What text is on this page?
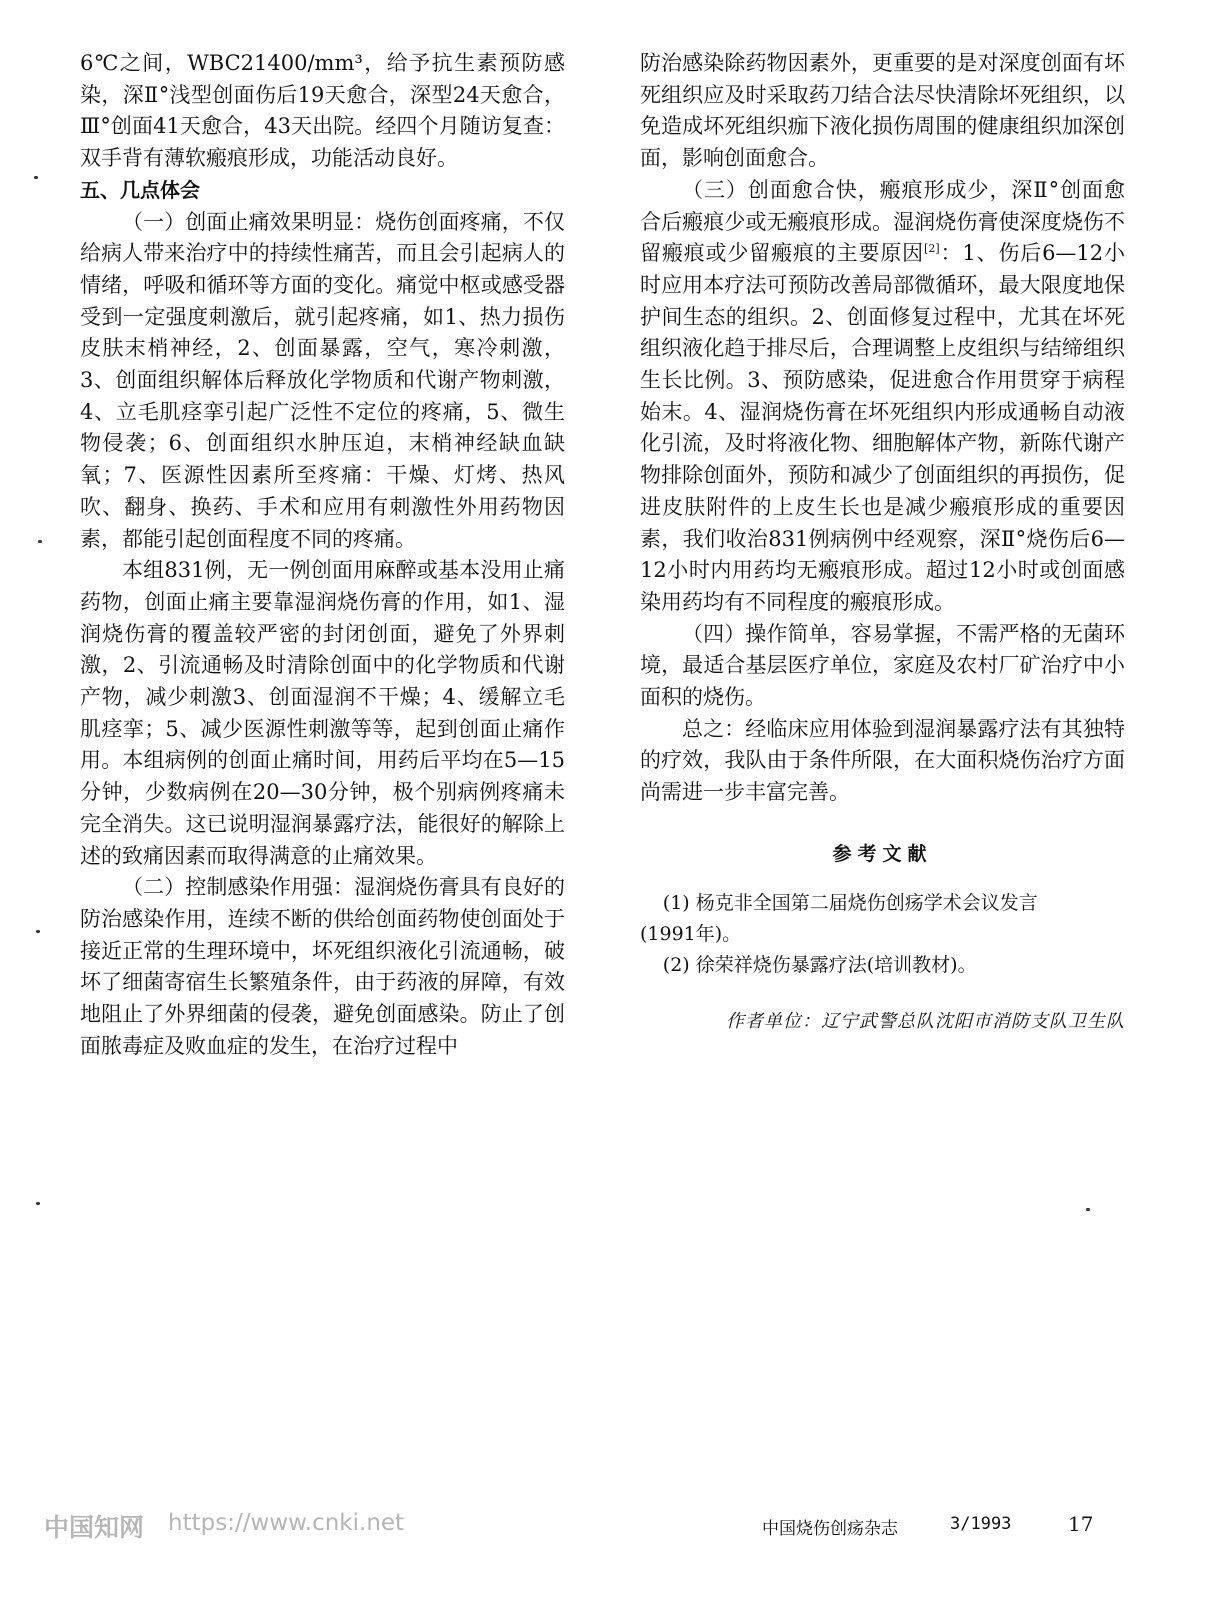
6℃之间，WBC21400/mm³，给予抗生素预防感染，深Ⅱ°浅型创面伤后19天愈合，深型24天愈合，Ⅲ°创面41天愈合，43天出院。经四个月随访复查：双手背有薄软瘢痕形成，功能活动良好。

五、几点体会

（一）创面止痛效果明显：烧伤创面疼痛，不仅给病人带来治疗中的持续性痛苦，而且会引起病人的情绪，呼吸和循环等方面的变化。痛觉中枢或感受器受到一定强度刺激后，就引起疼痛，如1、热力损伤皮肤末梢神经，2、创面暴露，空气，寒冷刺激，3、创面组织解体后释放化学物质和代谢产物刺激，4、立毛肌痉挛引起广泛性不定位的疼痛，5、微生物侵袭；6、创面组织水肿压迫，末梢神经缺血缺氧；7、医源性因素所至疼痛：干燥、灯烤、热风吹、翻身、换药、手术和应用有刺激性外用药物因素，都能引起创面程度不同的疼痛。

本组831例，无一例创面用麻醉或基本没用止痛药物，创面止痛主要靠湿润烧伤膏的作用，如1、湿润烧伤膏的覆盖较严密的封闭创面，避免了外界刺激，2、引流通畅及时清除创面中的化学物质和代谢产物，减少刺激3、创面湿润不干燥；4、缓解立毛肌痉挛；5、减少医源性刺激等等，起到创面止痛作用。本组病例的创面止痛时间，用药后平均在5—15分钟，少数病例在20—30分钟，极个别病例疼痛未完全消失。这已说明湿润暴露疗法，能很好的解除上述的致痛因素而取得满意的止痛效果。

（二）控制感染作用强：湿润烧伤膏具有良好的防治感染作用，连续不断的供给创面药物使创面处于接近正常的生理环境中，坏死组织液化引流通畅，破坏了细菌寄宿生长繁殖条件，由于药液的屏障，有效地阻止了外界细菌的侵袭，避免创面感染。防止了创面脓毒症及败血症的发生，在治疗过程中

防治感染除药物因素外，更重要的是对深度创面有坏死组织应及时采取药刀结合法尽快清除坏死组织，以免造成坏死组织痂下液化损伤周围的健康组织加深创面，影响创面愈合。

（三）创面愈合快，瘢痕形成少，深Ⅱ°创面愈合后瘢痕少或无瘢痕形成。湿润烧伤膏使深度烧伤不留瘢痕或少留瘢痕的主要原因[2]：1、伤后6—12小时应用本疗法可预防改善局部微循环，最大限度地保护间生态的组织。2、创面修复过程中，尤其在坏死组织液化趋于排尽后，合理调整上皮组织与结缔组织生长比例。3、预防感染，促进愈合作用贯穿于病程始末。4、湿润烧伤膏在坏死组织内形成通畅自动液化引流，及时将液化物、细胞解体产物，新陈代谢产物排除创面外，预防和减少了创面组织的再损伤，促进皮肤附件的上皮生长也是减少瘢痕形成的重要因素，我们收治831例病例中经观察，深Ⅱ°烧伤后6—12小时内用药均无瘢痕形成。超过12小时或创面感染用药均有不同程度的瘢痕形成。

（四）操作简单，容易掌握，不需严格的无菌环境，最适合基层医疗单位，家庭及农村厂矿治疗中小面积的烧伤。

总之：经临床应用体验到湿润暴露疗法有其独特的疗效，我队由于条件所限，在大面积烧伤治疗方面尚需进一步丰富完善。

参考文献

(1) 杨克非全国第二届烧伤创疡学术会议发言

(1991年)。

(2) 徐荣祥烧伤暴露疗法(培训教材)。

作者单位：辽宁武警总队沈阳市消防支队卫生队
中国知网 https://www.cnki.net	中国烧伤创疡杂志	3/1993	17
